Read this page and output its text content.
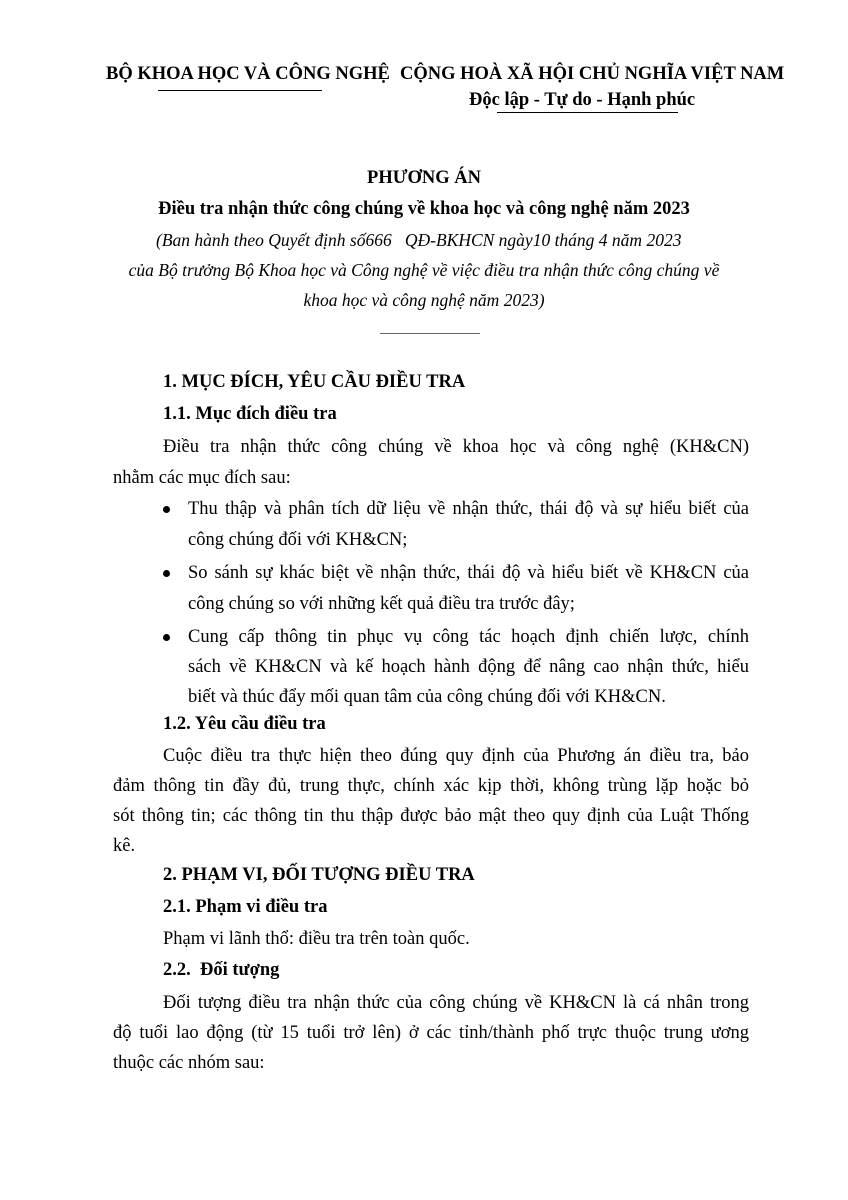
BỘ KHOA HỌC VÀ CÔNG NGHỆ CỘNG HOÀ XÃ HỘI CHỦ NGHĨA VIỆT NAM
Độc lập - Tự do - Hạnh phúc
PHƯƠNG ÁN
Điều tra nhận thức công chúng về khoa học và công nghệ năm 2023
(Ban hành theo Quyết định số666   QĐ-BKHCN ngày10 tháng 4 năm 2023
của Bộ trưởng Bộ Khoa học và Công nghệ về việc điều tra nhận thức công chúng về
khoa học và công nghệ năm 2023)
1. MỤC ĐÍCH, YÊU CẦU ĐIỀU TRA
1.1. Mục đích điều tra
Điều tra nhận thức công chúng về khoa học và công nghệ (KH&CN)
nhằm các mục đích sau:
Thu thập và phân tích dữ liệu về nhận thức, thái độ và sự hiểu biết của
công chúng đối với KH&CN;
So sánh sự khác biệt về nhận thức, thái độ và hiểu biết về KH&CN của
công chúng so với những kết quả điều tra trước đây;
Cung cấp thông tin phục vụ công tác hoạch định chiến lược, chính
sách về KH&CN và kế hoạch hành động để nâng cao nhận thức, hiểu
biết và thúc đẩy mối quan tâm của công chúng đối với KH&CN.
1.2. Yêu cầu điều tra
Cuộc điều tra thực hiện theo đúng quy định của Phương án điều tra, bảo
đảm thông tin đầy đủ, trung thực, chính xác kịp thời, không trùng lặp hoặc bỏ
sót thông tin; các thông tin thu thập được bảo mật theo quy định của Luật Thống
kê.
2. PHẠM VI, ĐỐI TƯỢNG ĐIỀU TRA
2.1. Phạm vi điều tra
Phạm vi lãnh thổ: điều tra trên toàn quốc.
2.2.  Đối tượng
Đối tượng điều tra nhận thức của công chúng về KH&CN là cá nhân trong
độ tuổi lao động (từ 15 tuổi trở lên) ở các tỉnh/thành phố trực thuộc trung ương
thuộc các nhóm sau:
